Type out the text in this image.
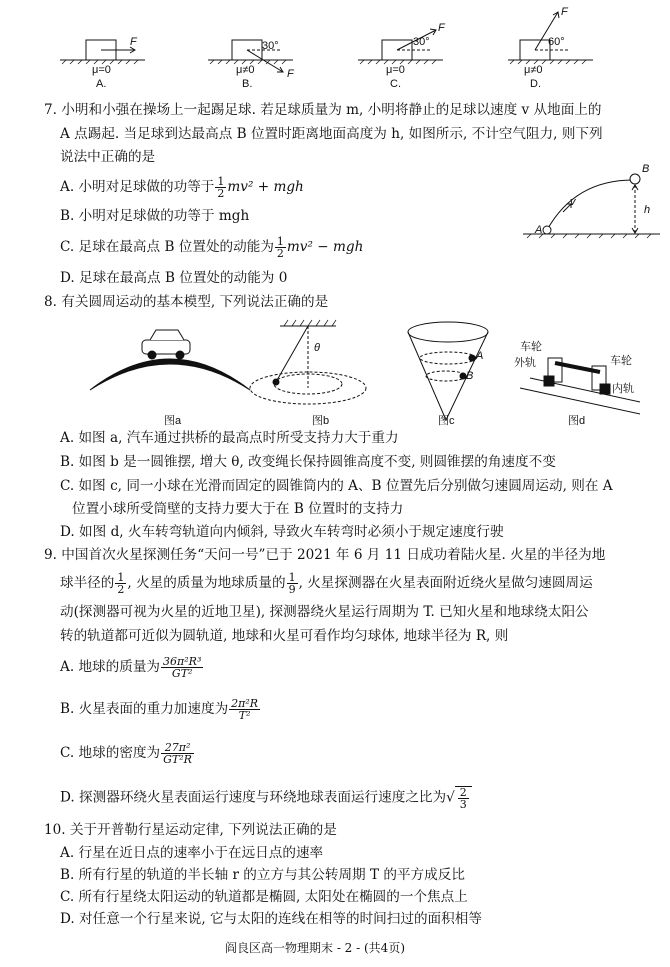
F
μ=0
A.
30°
F
μ≠0
B.
30°
F
μ=0
C.
60°
F
μ≠0
D.
7. 小明和小强在操场上一起踢足球. 若足球质量为 m, 小明将静止的足球以速度 v 从地面上的
A 点踢起. 当足球到达最高点 B 位置时距离地面高度为 h, 如图所示, 不计空气阻力, 则下列
说法中正确的是
A. 小明对足球做的功等于 $\frac{1}{2} mv^2$ + mgh
B. 小明对足球做的功等于 mgh
C. 足球在最高点 B 位置处的动能为 $\frac{1}{2} mv^2$ − mgh
D. 足球在最高点 B 位置处的动能为 0
A
B
v
h
8. 有关圆周运动的基本模型, 下列说法正确的是
图a	图b	图c	图d
θ
A
B
车轮
外轨	车轮
内轨
A. 如图 a, 汽车通过拱桥的最高点时所受支持力大于重力
B. 如图 b 是一圆锥摆, 增大 θ, 改变绳长保持圆锥高度不变, 则圆锥摆的角速度不变
C. 如图 c, 同一小球在光滑而固定的圆锥筒内的 A、B 位置先后分别做匀速圆周运动, 则在 A
位置小球所受筒壁的支持力要大于在 B 位置时的支持力
D. 如图 d, 火车转弯轨道向内倾斜, 导致火车转弯时必须小于规定速度行驶
9. 中国首次火星探测任务“天问一号”已于 2021 年 6 月 11 日成功着陆火星. 火星的半径为地
球半径的 $\frac{1}{2}$ , 火星的质量为地球质量的 $\frac{1}{9}$ , 火星探测器在火星表面附近绕火星做匀速圆周运
动(探测器可视为火星的近地卫星), 探测器绕火星运行周期为 T. 已知火星和地球绕太阳公
转的轨道都可近似为圆轨道, 地球和火星可看作均匀球体, 地球半径为 R, 则
A. 地球的质量为 $\frac{\text{36π²R³}}{\text{GT²}}$
B. 火星表面的重力加速度为 $\frac{\text{2π²R}}{\text{T²}}$
C. 地球的密度为 $\frac{\text{27π²}}{\text{GT²R}}$
D. 探测器环绕火星表面运行速度与环绕地球表面运行速度之比为√ $\frac{2}{3}$
10. 关于开普勒行星运动定律, 下列说法正确的是
A. 行星在近日点的速率小于在远日点的速率
B. 所有行星的轨道的半长轴 r 的立方与其公转周期 T 的平方成反比
C. 所有行星绕太阳运动的轨道都是椭圆, 太阳处在椭圆的一个焦点上
D. 对任意一个行星来说, 它与太阳的连线在相等的时间扫过的面积相等
阎良区高一物理期末 - 2 - (共4页)
